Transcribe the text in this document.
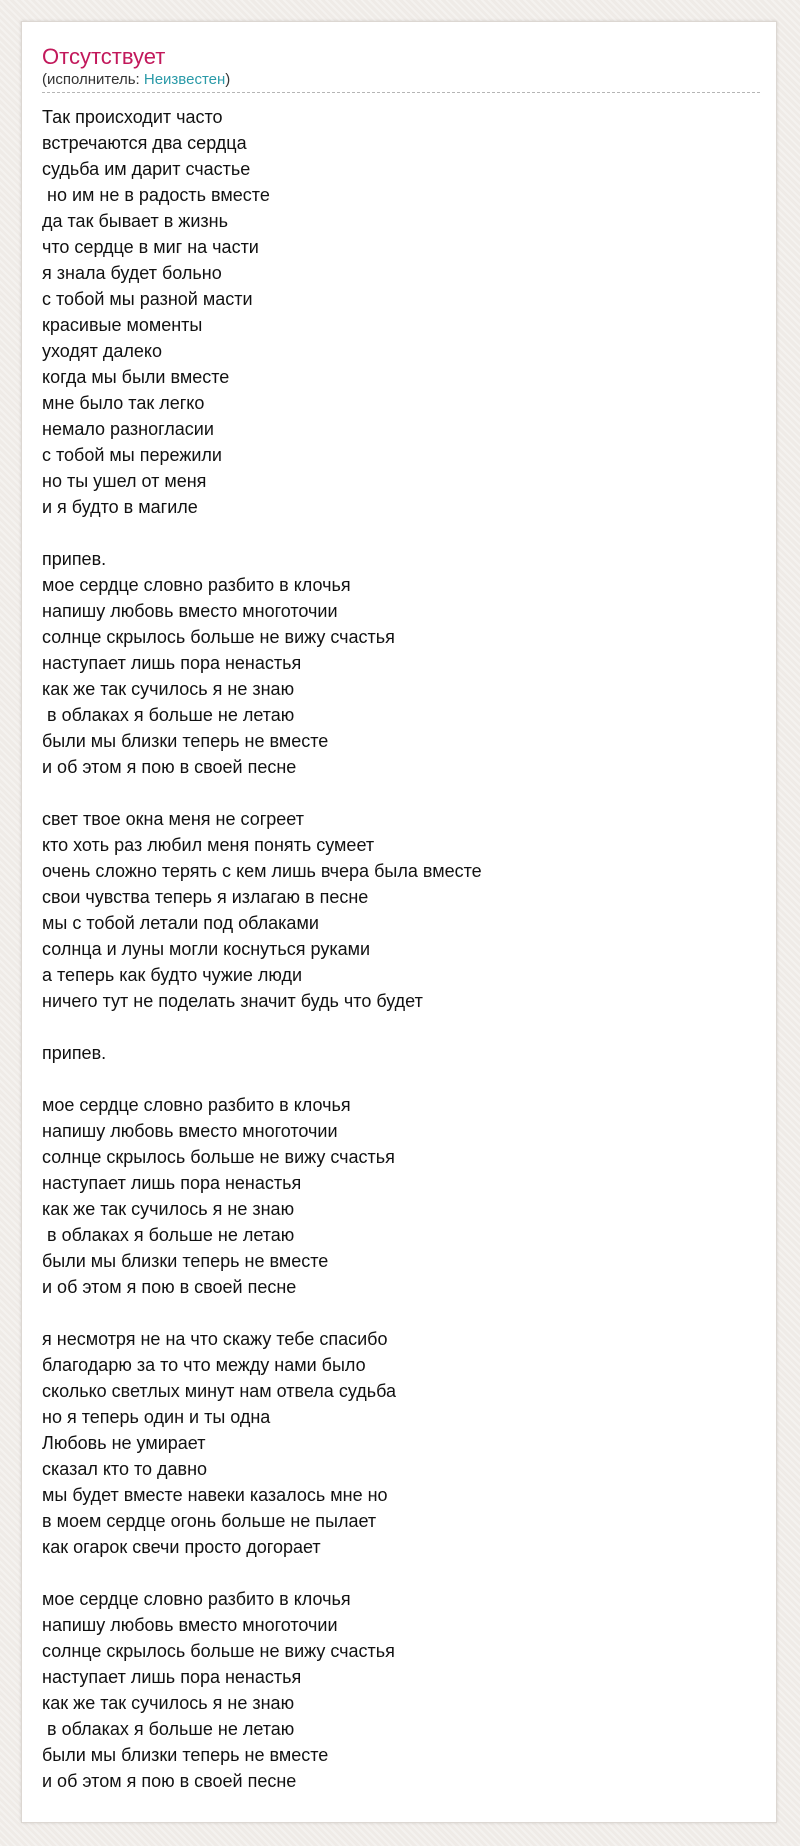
Отсутствует
(исполнитель: Неизвестен)
Так происходит часто
встречаются два сердца
судьба им дарит счастье
но им не в радость вместе
да так бывает в жизнь
что сердце в миг на части
я знала будет больно
с тобой мы разной масти
красивые моменты
уходят далеко
когда мы были вместе
мне было так легко
немало разногласии
с тобой мы пережили
но ты ушел от меня
и я будто в магиле

припев.
мое сердце словно разбито в клочья
напишу любовь вместо многоточии
солнце скрылось больше не вижу счастья
наступает лишь пора ненастья
как же так сучилось я не знаю
в облаках я больше не летаю
были мы близки теперь не вместе
и об этом я пою в своей песне

свет твое окна меня не согреет
кто хоть раз любил меня понять сумеет
очень сложно терять с кем лишь вчера была вместе
свои чувства теперь я излагаю в песне
мы с тобой летали под облаками
солнца и луны могли коснуться руками
а теперь как будто чужие люди
ничего тут не поделать значит будь что будет

припев.

мое сердце словно разбито в клочья
напишу любовь вместо многоточии
солнце скрылось больше не вижу счастья
наступает лишь пора ненастья
как же так сучилось я не знаю
в облаках я больше не летаю
были мы близки теперь не вместе
и об этом я пою в своей песне

я несмотря не на что скажу тебе спасибо
благодарю за то что между нами было
сколько светлых минут нам отвела судьба
но я теперь один и ты одна
Любовь не умирает
сказал кто то давно
мы будет вместе навеки казалось мне но
в моем сердце огонь больше не пылает
как огарок свечи просто догорает

мое сердце словно разбито в клочья
напишу любовь вместо многоточии
солнце скрылось больше не вижу счастья
наступает лишь пора ненастья
как же так сучилось я не знаю
в облаках я больше не летаю
были мы близки теперь не вместе
и об этом я пою в своей песне
